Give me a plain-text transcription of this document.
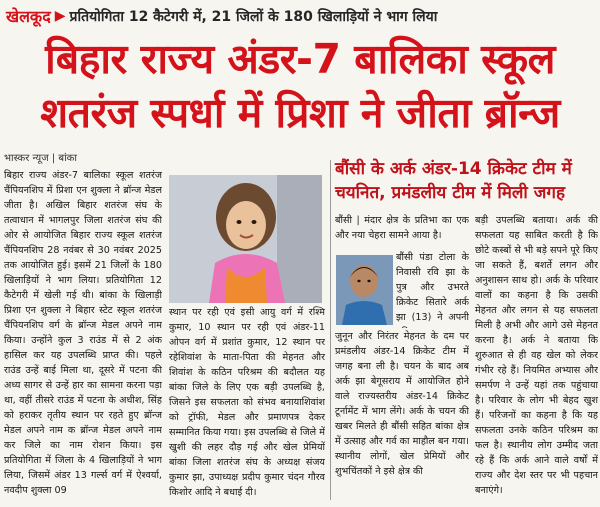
खेलकूद ▶ प्रतियोगिता 12 कैटेगरी में, 21 जिलों के 180 खिलाड़ियों ने भाग लिया
बिहार राज्य अंडर-7 बालिका स्कूल
शतरंज स्पर्धा में प्रिशा ने जीता ब्रॉन्ज
भास्कर न्यूज | बांका
बिहार राज्य अंडर-7 बालिका स्कूल शतरंज चैंपियनशिप में प्रिशा एन शुक्ला ने ब्रॉन्ज मेडल जीता है। अखिल बिहार शतरंज संघ के तत्वाधान में भागलपुर जिला शतरंज संघ की ओर से आयोजित बिहार राज्य स्कूल शतरंज चैंपियनशिप 28 नवंबर से 30 नवंबर 2025 तक आयोजित हुई। इसमें 21 जिलों के 180 खिलाड़ियों ने भाग लिया। प्रतियोगिता 12 कैटेगरी में खेली गई थी। बांका के खिलाड़ी प्रिशा एन शुक्ला ने बिहार स्टेट स्कूल शतरंज चैंपियनशिप वर्ग के ब्रॉन्ज मेडल अपने नाम किया। उन्होंने कुल 3 राउंड में से 2 अंक हासिल कर यह उपलब्धि प्राप्त की। पहले राउंड उन्हें बाई मिला था, दूसरे में पटना की अध्य सागर से उन्हें हार का सामना करना पड़ा था, वहीं तीसरे राउंड में पटना के अधीश, सिंह को हराकर तृतीय स्थान पर रहते हुए ब्रॉन्ज मेडल अपने नाम क ब्रॉन्ज मेडल अपने नाम कर जिले का नाम रोशन किया। इस प्रतियोगिता में जिला के 4 खिलाड़ियों ने भाग लिया, जिसमें अंडर 13 गर्ल्स वर्ग में ऐश्वर्या, नवदीप शुक्ला 09
स्थान पर रही एवं इसी आयु वर्ग में रश्मि कुमार, 10 स्थान पर रही एवं अंडर-11 ओपन वर्ग में प्रशांत कुमार, 12 स्थान पर रहेशिवांश के माता-पिता की मेहनत और शिवांश के कठिन परिश्रम की बदौलत यह बांका जिले के लिए एक बड़ी उपलब्धि है, जिसने इस सफलता को संभव बनायाशिवांश को ट्रॉफी, मेडल और प्रमाणपत्र देकर सम्मानित किया गया। इस उपलब्धि से जिले में खुशी की लहर दौड़ गई और खेल प्रेमियों बांका जिला शतरंज संघ के अध्यक्ष संजय कुमार झा, उपाध्यक्ष प्रदीप कुमार चंदन गौरव किशोर आदि ने बधाई दी।
बौंसी के अर्क अंडर-14 क्रिकेट टीम में
चयनित, प्रमंडलीय टीम में मिली जगह
बौंसी | मंदार क्षेत्र के प्रतिभा का एक और नया चेहरा सामने आया है।
बौंसी पंडा टोला के निवासी रवि झा के पुत्र और उभरते क्रिकेट सितारे अर्क झा (13) ने अपनी
जुनून और निरंतर मेहनत के दम पर प्रमंडलीय अंडर-14 क्रिकेट टीम में जगह बना ली है। चयन के बाद अब अर्क झा बेगूसराय में आयोजित होने वाले राज्यस्तरीय अंडर-14 क्रिकेट टूर्नामेंट में भाग लेंगे। अर्क के चयन की खबर मिलते ही बौंसी सहित बांका क्षेत्र में उत्साह और गर्व का माहौल बन गया। स्थानीय लोगों, खेल प्रेमियों और शुभचिंतकों ने इसे क्षेत्र की
बड़ी उपलब्धि बताया। अर्क की सफलता यह साबित करती है कि छोटे कस्बों से भी बड़े सपने पूरे किए जा सकते हैं, बशर्ते लगन और अनुशासन साथ हो। अर्क के परिवार वालों का कहना है कि उसकी मेहनत और लगन से यह सफलता मिली है अभी और आगे उसे मेहनत करना है। अर्क ने बताया कि शुरुआत से ही वह खेल को लेकर गंभीर रहे हैं। नियमित अभ्यास और समर्पण ने उन्हें यहां तक पहुंचाया है। परिवार के लोग भी बेहद खुश हैं। परिजनों का कहना है कि यह सफलता उनके कठिन परिश्रम का फल है। स्थानीय लोग उम्मीद जता रहे हैं कि अर्क आने वाले वर्षों में राज्य और देश स्तर पर भी पहचान बनाएंगे।
